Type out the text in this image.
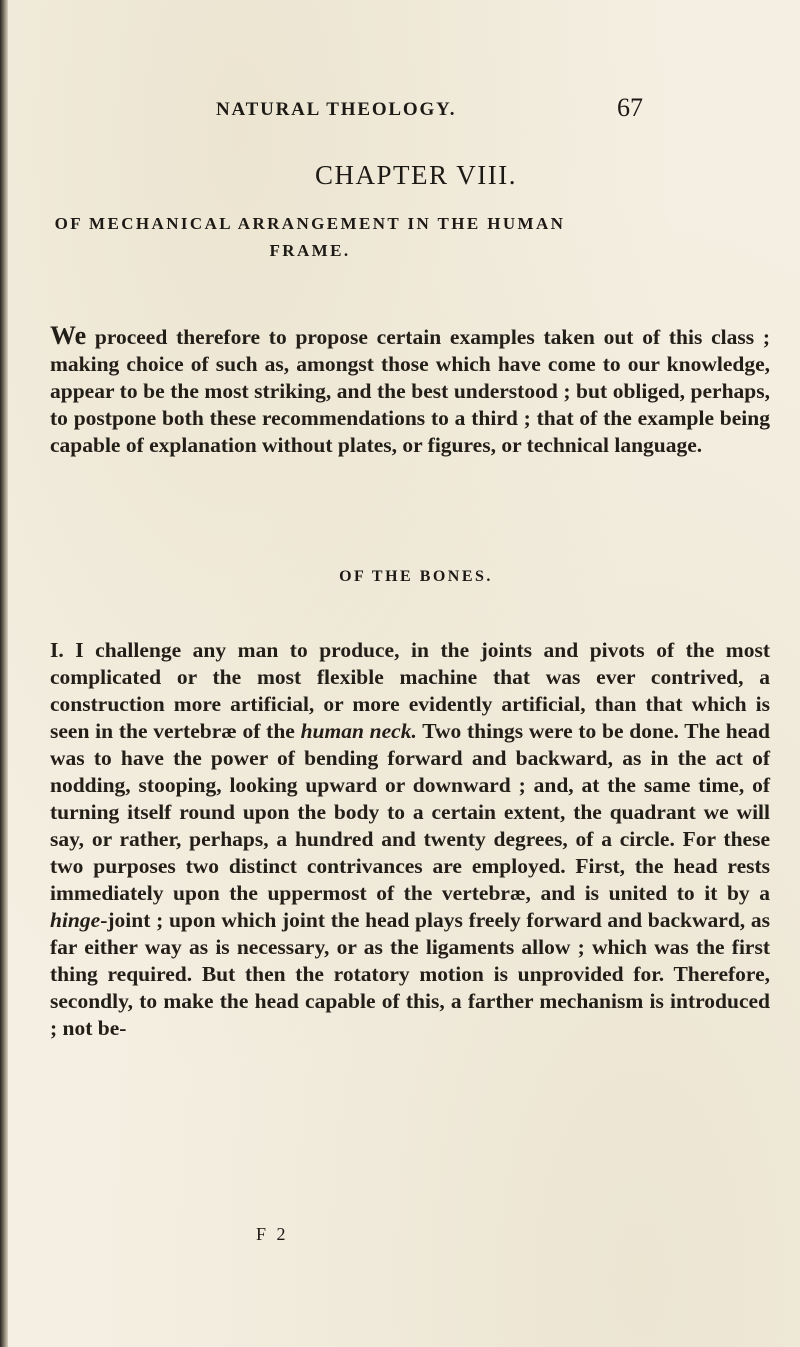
NATURAL THEOLOGY.	67
CHAPTER VIII.
OF MECHANICAL ARRANGEMENT IN THE HUMAN
FRAME.

We proceed therefore to propose certain examples taken out of this class ; making choice of such as, amongst those which have come to our knowledge, appear to be the most striking, and the best understood ; but obliged, perhaps, to postpone both these recommendations to a third ; that of the example being capable of explanation without plates, or figures, or technical language.

OF THE BONES.

I. I challenge any man to produce, in the joints and pivots of the most complicated or the most flexible machine that was ever contrived, a construction more artificial, or more evidently artificial, than that which is seen in the vertebræ of the human neck. Two things were to be done. The head was to have the power of bending forward and backward, as in the act of nodding, stooping, looking upward or downward ; and, at the same time, of turning itself round upon the body to a certain extent, the quadrant we will say, or rather, perhaps, a hundred and twenty degrees, of a circle. For these two purposes two distinct contrivances are employed. First, the head rests immediately upon the uppermost of the vertebræ, and is united to it by a hinge-joint ; upon which joint the head plays freely forward and backward, as far either way as is necessary, or as the ligaments allow ; which was the first thing required. But then the rotatory motion is unprovided for. Therefore, secondly, to make the head capable of this, a farther mechanism is introduced ; not be-

F 2
